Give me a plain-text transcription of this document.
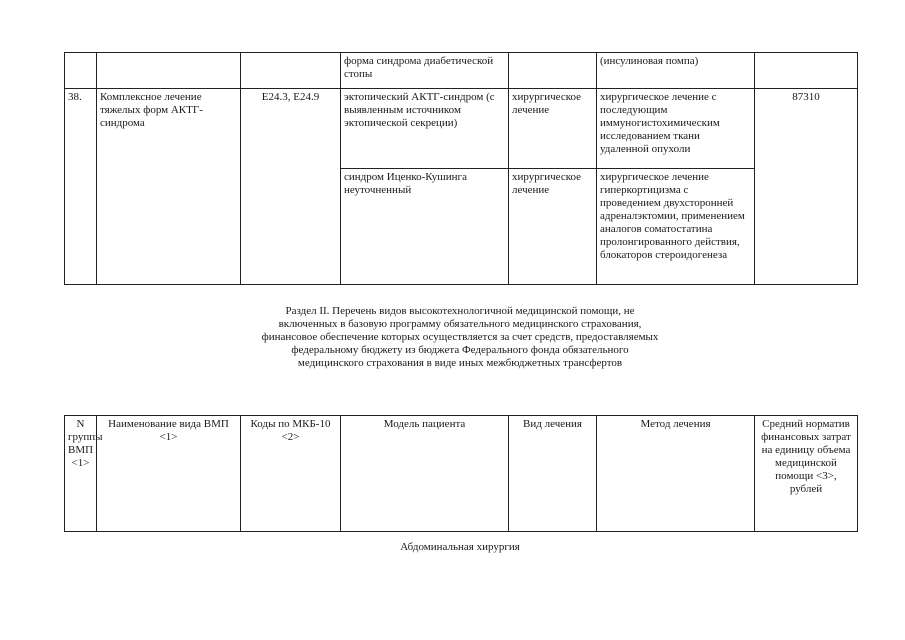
			форма синдрома диабетической стопы		(инсулиновая помпа)	
38.	Комплексное лечение тяжелых форм АКТГ-синдрома	E24.3, E24.9	эктопический АКТГ-синдром (с выявленным источником эктопической секреции)	хирургическое лечение	хирургическое лечение с последующим иммуногистохимическим исследованием ткани удаленной опухоли	87310
			синдром Иценко-Кушинга неуточненный	хирургическое лечение	хирургическое лечение гиперкортицизма с проведением двухсторонней адреналэктомии, применением аналогов соматостатина пролонгированного действия, блокаторов стероидогенеза	
Раздел II. Перечень видов высокотехнологичной медицинской помощи, не включенных в базовую программу обязательного медицинского страхования, финансовое обеспечение которых осуществляется за счет средств, предоставляемых федеральному бюджету из бюджета Федерального фонда обязательного медицинского страхования в виде иных межбюджетных трансфертов
N группы ВМП <1>	Наименование вида ВМП <1>	Коды по МКБ-10 <2>	Модель пациента	Вид лечения	Метод лечения	Средний норматив финансовых затрат на единицу объема медицинской помощи <3>, рублей
Абдоминальная хирургия
